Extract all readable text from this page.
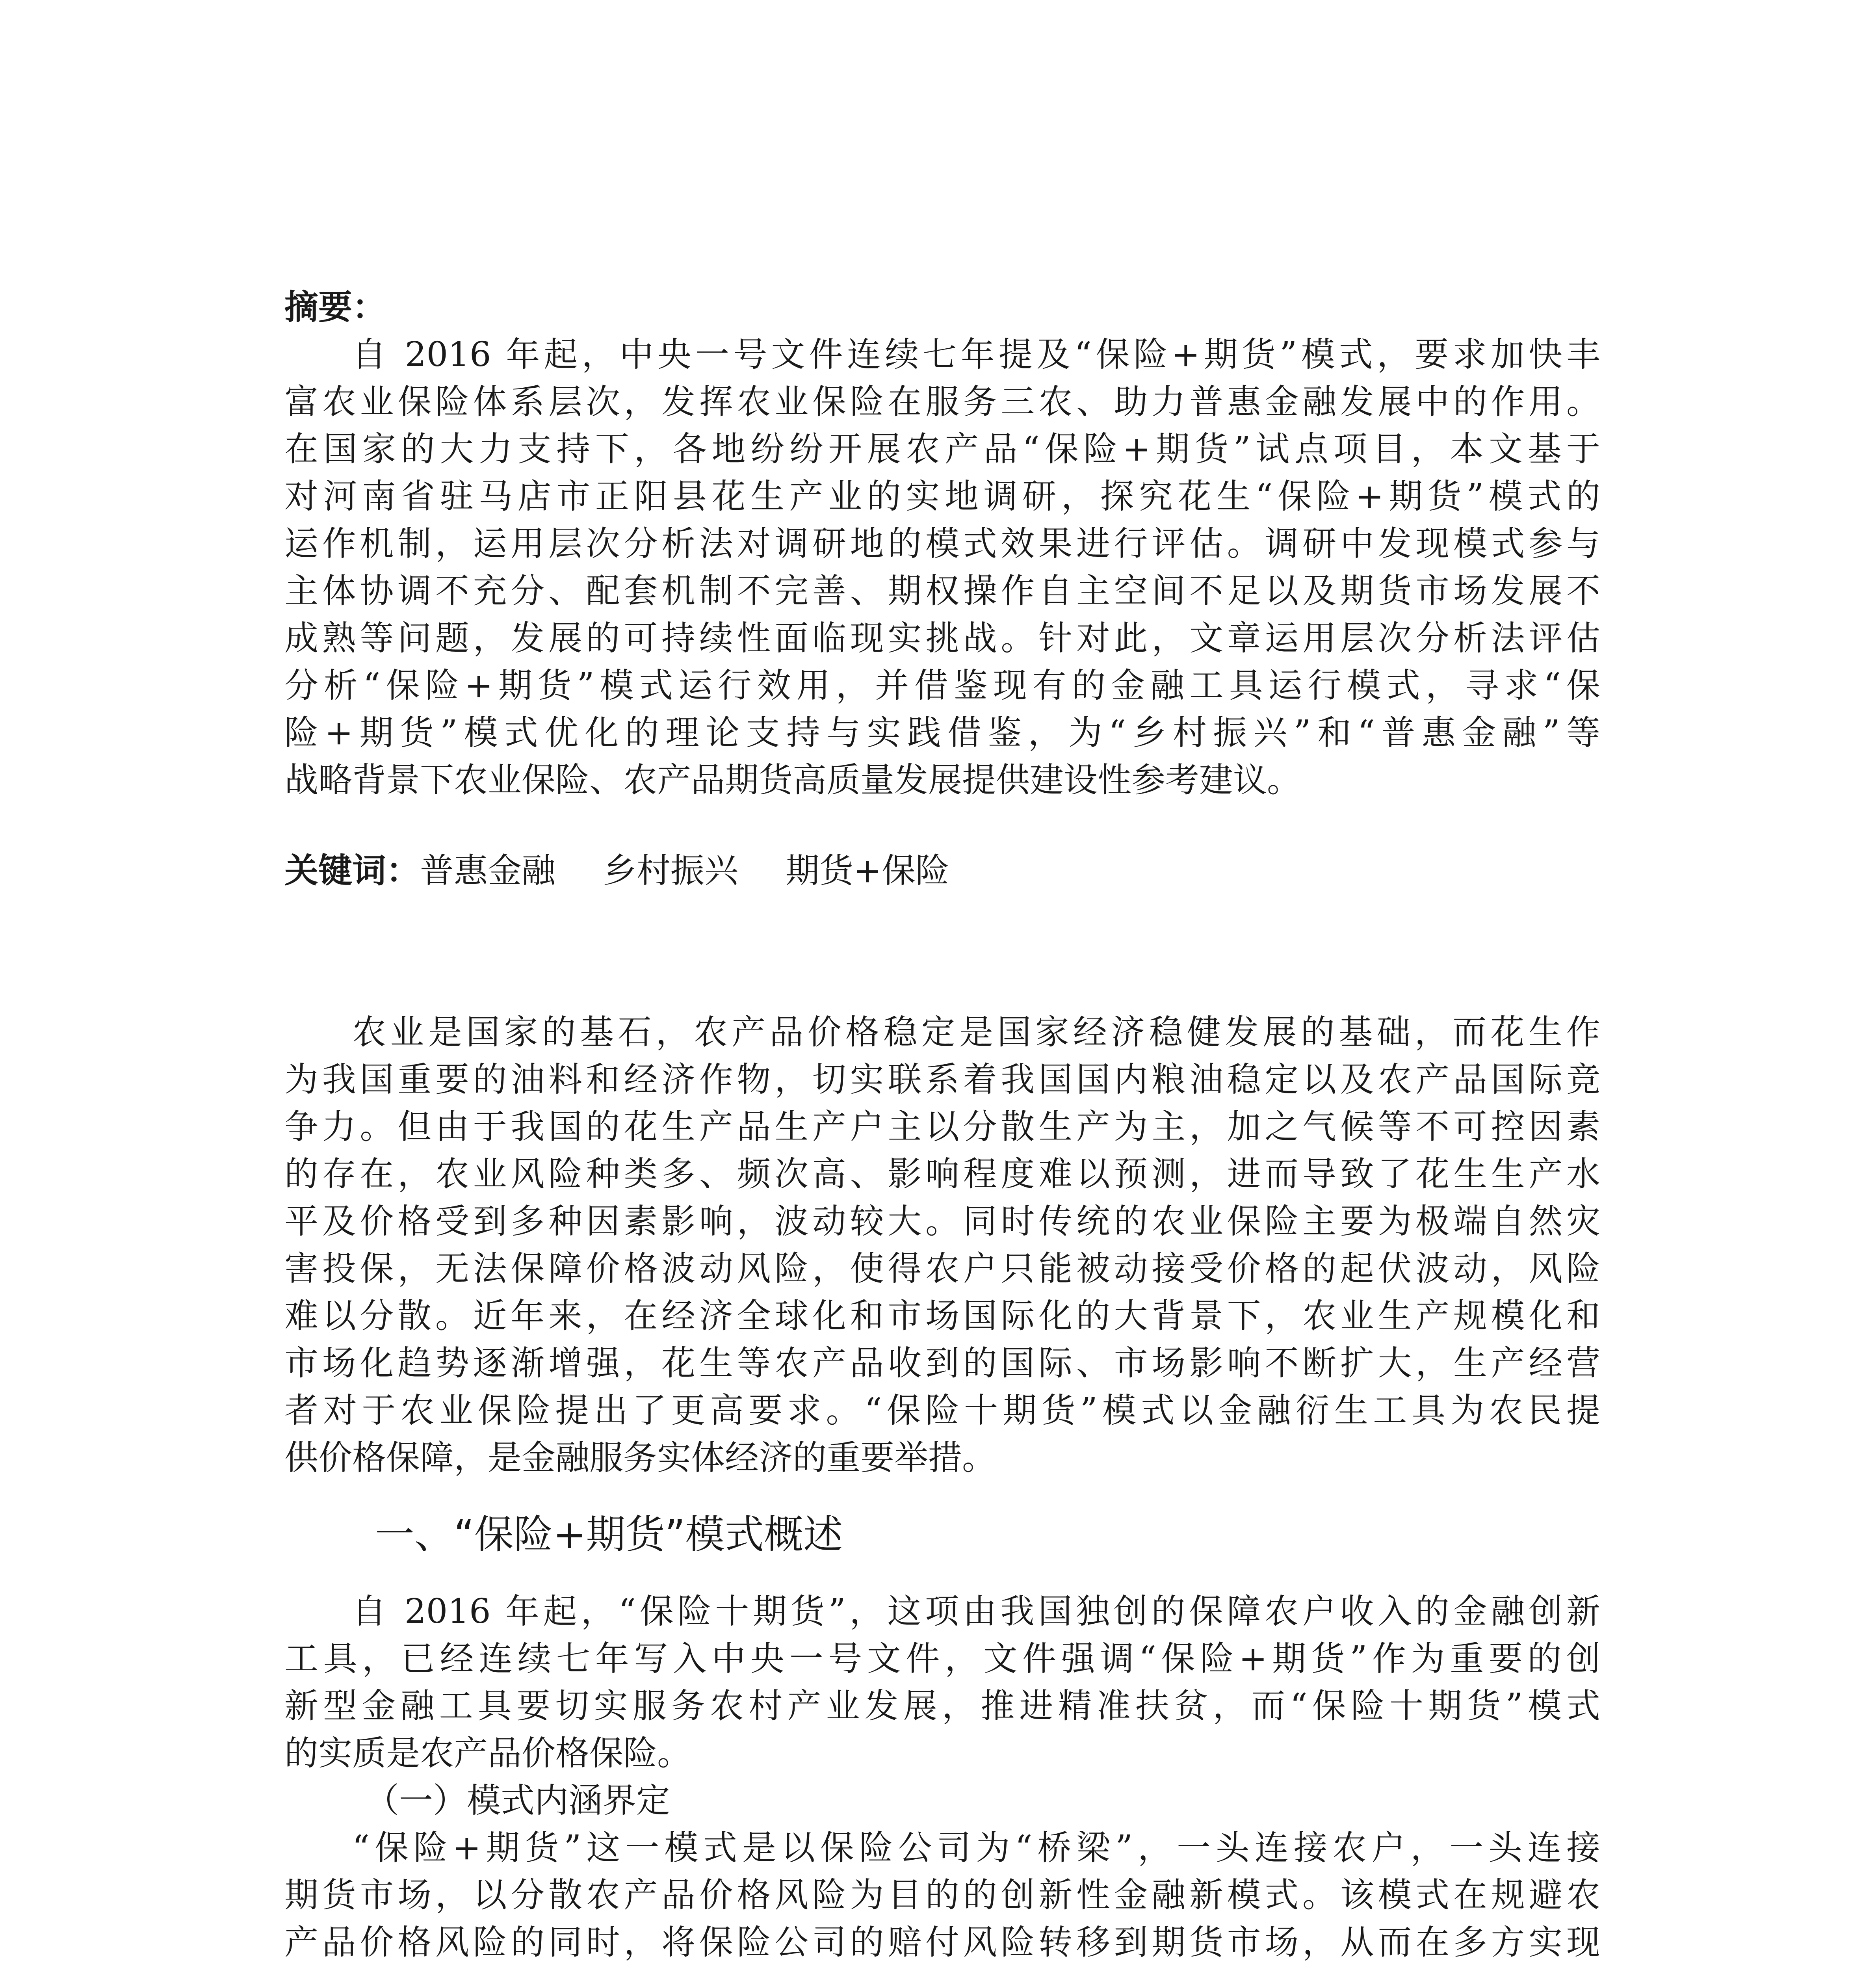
摘要：
自 2016 年起，中央一号文件连续七年提及“保险+期货”模式，要求加快丰
富农业保险体系层次，发挥农业保险在服务三农、助力普惠金融发展中的作用。
在国家的大力支持下，各地纷纷开展农产品“保险+期货”试点项目，本文基于
对河南省驻马店市正阳县花生产业的实地调研，探究花生“保险+期货”模式的
运作机制，运用层次分析法对调研地的模式效果进行评估。调研中发现模式参与
主体协调不充分、配套机制不完善、期权操作自主空间不足以及期货市场发展不
成熟等问题，发展的可持续性面临现实挑战。针对此，文章运用层次分析法评估
分析“保险+期货”模式运行效用，并借鉴现有的金融工具运行模式，寻求“保
险+期货”模式优化的理论支持与实践借鉴，为“乡村振兴”和“普惠金融”等
战略背景下农业保险、农产品期货高质量发展提供建设性参考建议。
关键词：普惠金融 乡村振兴 期货+保险
农业是国家的基石，农产品价格稳定是国家经济稳健发展的基础，而花生作
为我国重要的油料和经济作物，切实联系着我国国内粮油稳定以及农产品国际竞
争力。但由于我国的花生产品生产户主以分散生产为主，加之气候等不可控因素
的存在，农业风险种类多、频次高、影响程度难以预测，进而导致了花生生产水
平及价格受到多种因素影响，波动较大。同时传统的农业保险主要为极端自然灾
害投保，无法保障价格波动风险，使得农户只能被动接受价格的起伏波动，风险
难以分散。近年来，在经济全球化和市场国际化的大背景下，农业生产规模化和
市场化趋势逐渐增强，花生等农产品收到的国际、市场影响不断扩大，生产经营
者对于农业保险提出了更高要求。“保险十期货”模式以金融衍生工具为农民提
供价格保障，是金融服务实体经济的重要举措。
一、“保险+期货”模式概述
自 2016 年起，“保险十期货”，这项由我国独创的保障农户收入的金融创新
工具，已经连续七年写入中央一号文件，文件强调“保险+期货”作为重要的创
新型金融工具要切实服务农村产业发展，推进精准扶贫，而“保险十期货”模式
的实质是农产品价格保险。
（一）模式内涵界定
“保险+期货”这一模式是以保险公司为“桥梁”，一头连接农户，一头连接
期货市场，以分散农产品价格风险为目的的创新性金融新模式。该模式在规避农
产品价格风险的同时，将保险公司的赔付风险转移到期货市场，从而在多方实现
